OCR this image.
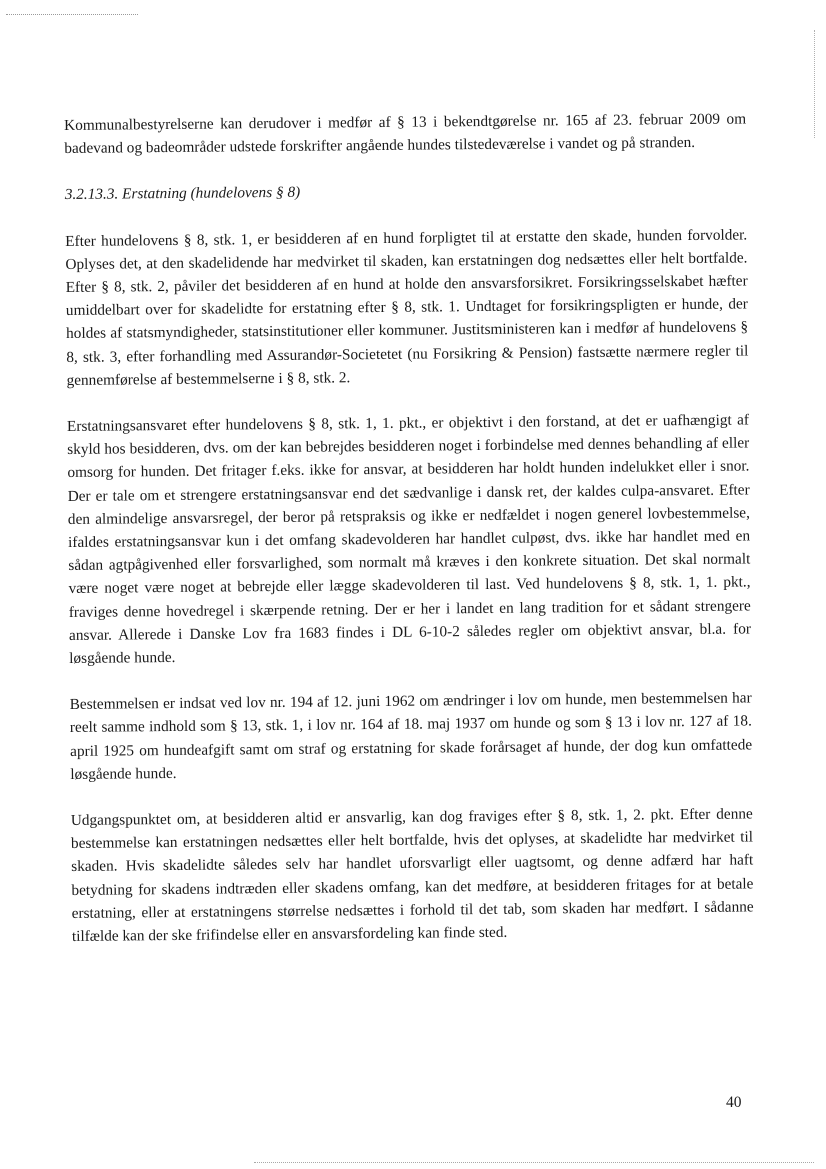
Kommunalbestyrelserne kan derudover i medfør af § 13 i bekendtgørelse nr. 165 af 23. februar 2009 om badevand og badeområder udstede forskrifter angående hundes tilstedeværelse i vandet og på stranden.

3.2.13.3. Erstatning (hundelovens § 8)

Efter hundelovens § 8, stk. 1, er besidderen af en hund forpligtet til at erstatte den skade, hunden forvolder. Oplyses det, at den skadelidende har medvirket til skaden, kan erstatningen dog nedsættes eller helt bortfalde. Efter § 8, stk. 2, påviler det besidderen af en hund at holde den ansvarsforsikret. Forsikringsselskabet hæfter umiddelbart over for skadelidte for erstatning efter § 8, stk. 1. Undtaget for forsikringspligten er hunde, der holdes af statsmyndigheder, statsinstitutioner eller kommuner. Justitsministeren kan i medfør af hundelovens § 8, stk. 3, efter forhandling med Assurandør-Societetet (nu Forsikring & Pension) fastsætte nærmere regler til gennemførelse af bestemmelserne i § 8, stk. 2.

Erstatningsansvaret efter hundelovens § 8, stk. 1, 1. pkt., er objektivt i den forstand, at det er uafhængigt af skyld hos besidderen, dvs. om der kan bebrejdes besidderen noget i forbindelse med dennes behandling af eller omsorg for hunden. Det fritager f.eks. ikke for ansvar, at besidderen har holdt hunden indelukket eller i snor. Der er tale om et strengere erstatningsansvar end det sædvanlige i dansk ret, der kaldes culpa-ansvaret. Efter den almindelige ansvarsregel, der beror på retspraksis og ikke er nedfældet i nogen generel lovbestemmelse, ifaldes erstatningsansvar kun i det omfang skadevolderen har handlet culpøst, dvs. ikke har handlet med en sådan agtpågivenhed eller forsvarlighed, som normalt må kræves i den konkrete situation. Det skal normalt være noget være noget at bebrejde eller lægge skadevolderen til last. Ved hundelovens § 8, stk. 1, 1. pkt., fraviges denne hovedregel i skærpende retning. Der er her i landet en lang tradition for et sådant strengere ansvar. Allerede i Danske Lov fra 1683 findes i DL 6-10-2 således regler om objektivt ansvar, bl.a. for løsgående hunde.

Bestemmelsen er indsat ved lov nr. 194 af 12. juni 1962 om ændringer i lov om hunde, men bestemmelsen har reelt samme indhold som § 13, stk. 1, i lov nr. 164 af 18. maj 1937 om hunde og som § 13 i lov nr. 127 af 18. april 1925 om hundeafgift samt om straf og erstatning for skade forårsaget af hunde, der dog kun omfattede løsgående hunde.

Udgangspunktet om, at besidderen altid er ansvarlig, kan dog fraviges efter § 8, stk. 1, 2. pkt. Efter denne bestemmelse kan erstatningen nedsættes eller helt bortfalde, hvis det oplyses, at skadelidte har medvirket til skaden. Hvis skadelidte således selv har handlet uforsvarligt eller uagtsomt, og denne adfærd har haft betydning for skadens indtræden eller skadens omfang, kan det medføre, at besidderen fritages for at betale erstatning, eller at erstatningens størrelse nedsættes i forhold til det tab, som skaden har medført. I sådanne tilfælde kan der ske frifindelse eller en ansvarsfordeling kan finde sted.

40
